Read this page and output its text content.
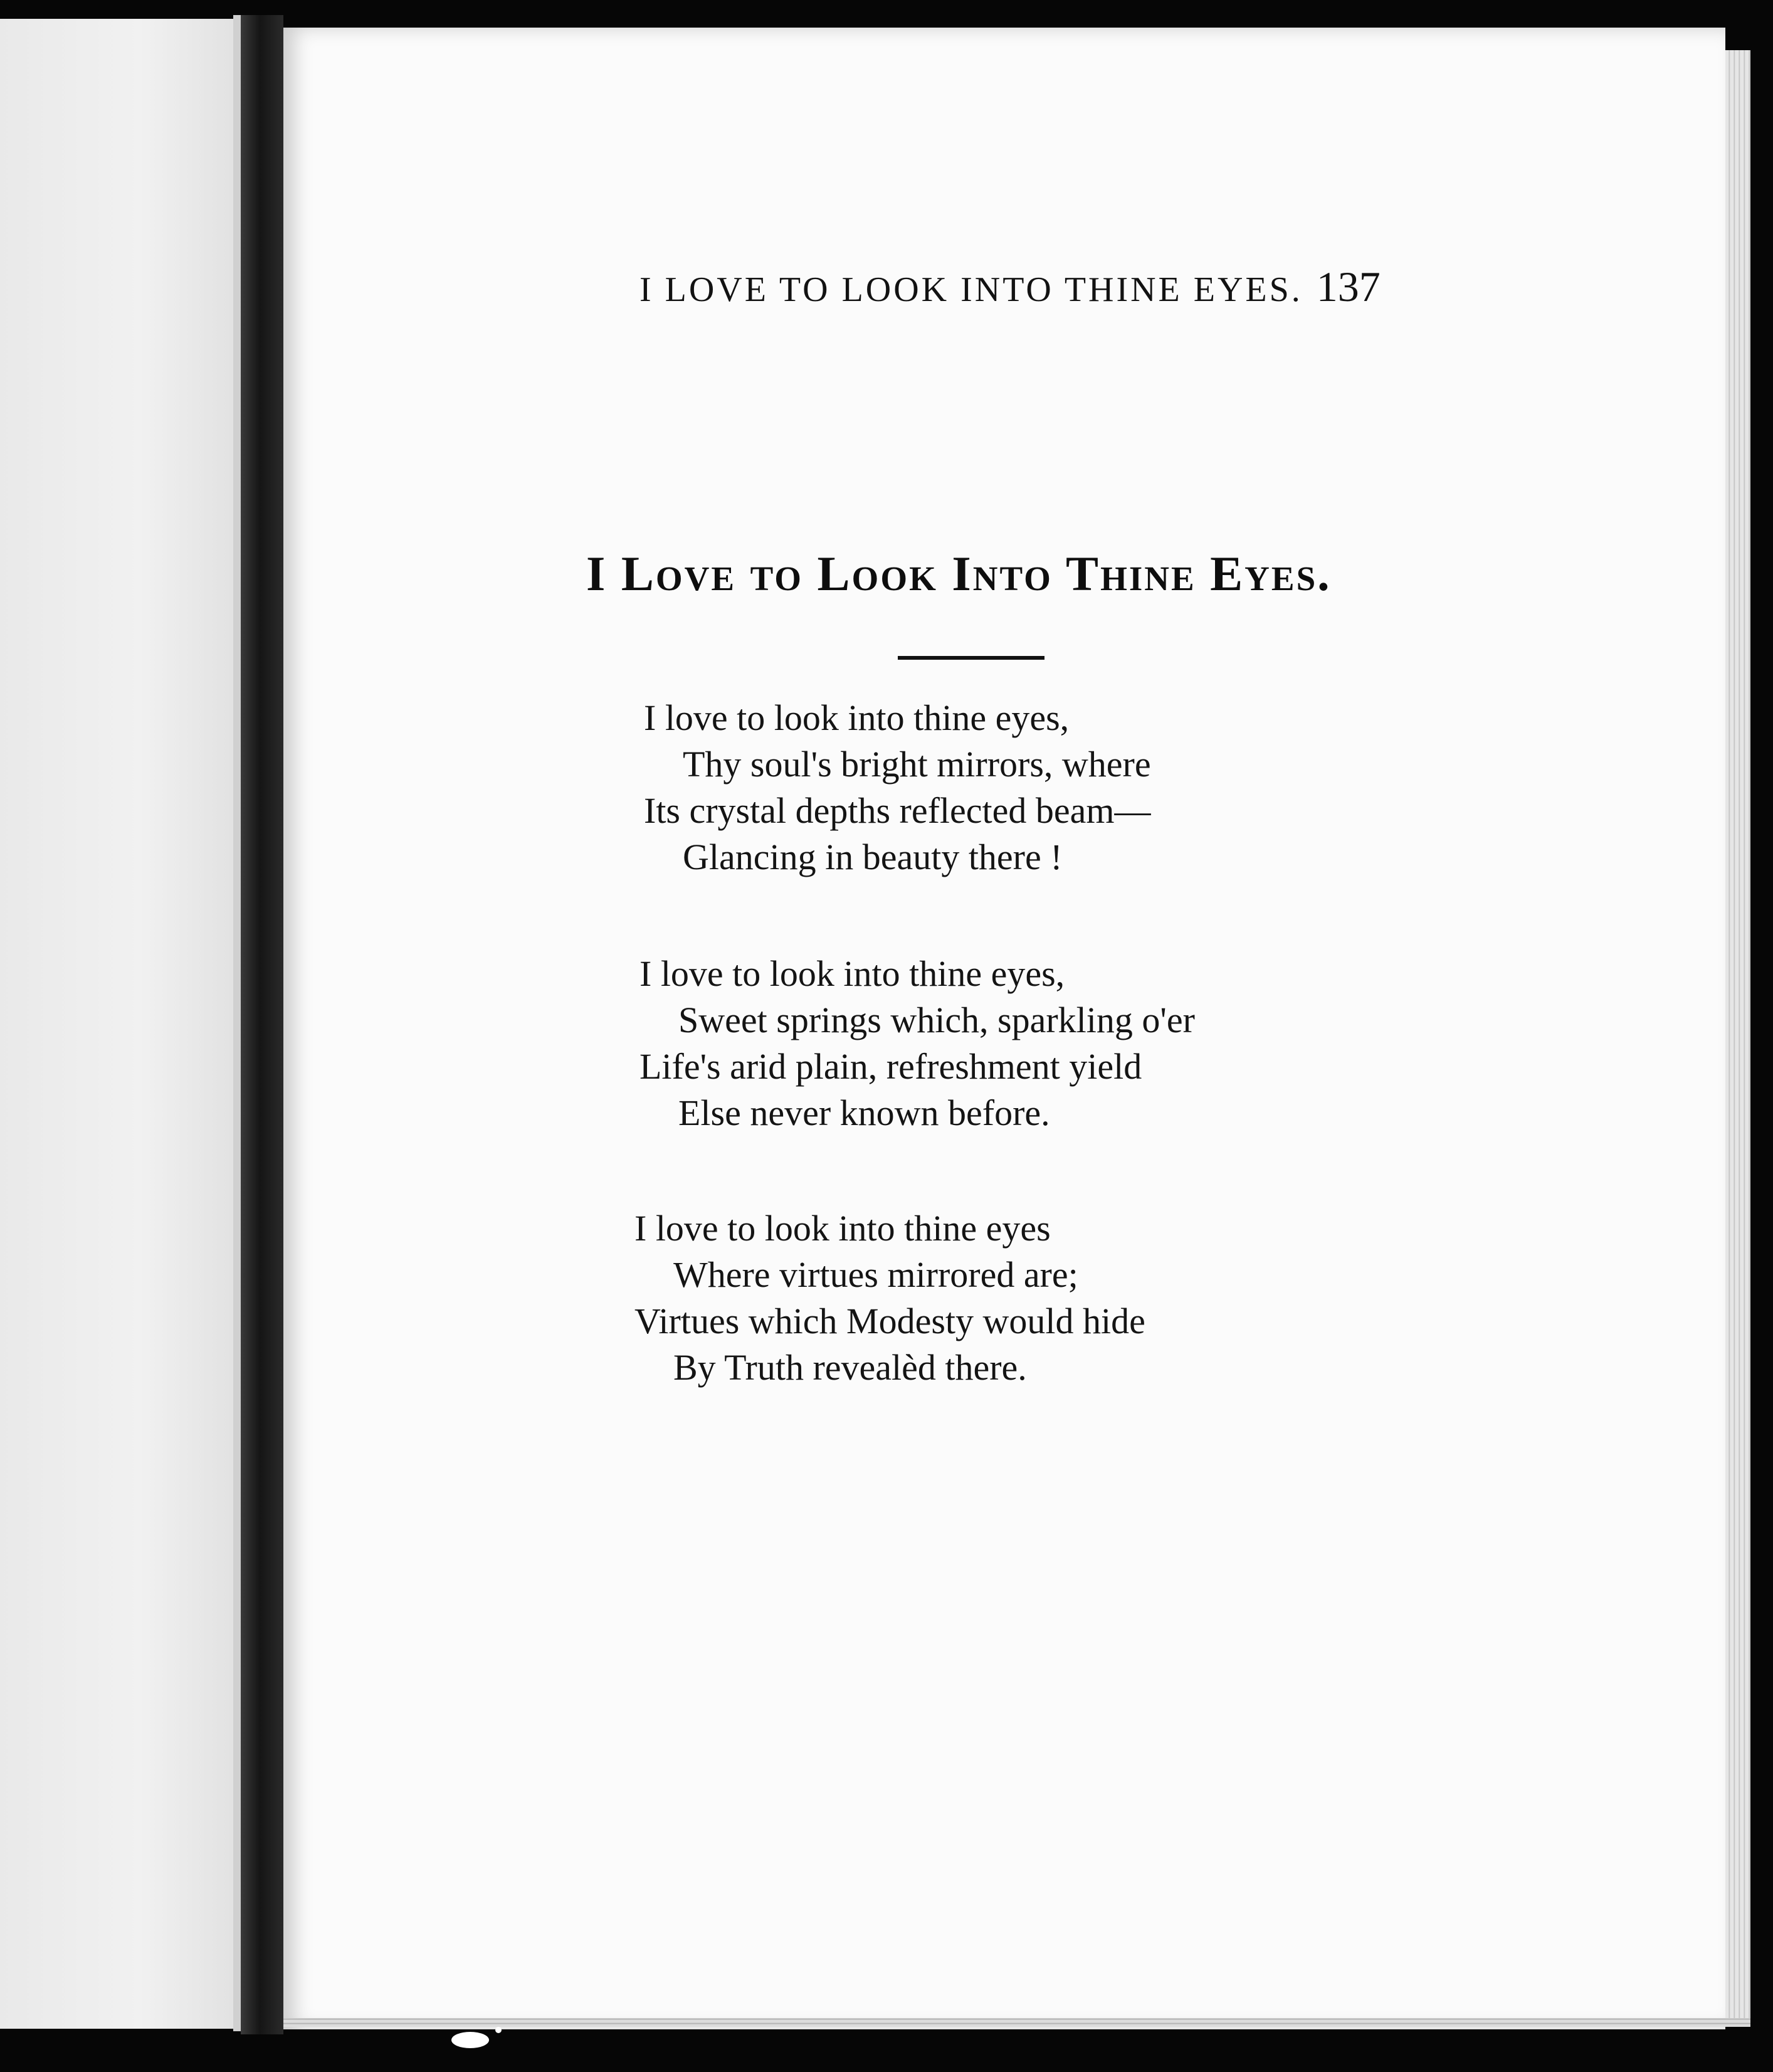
I LOVE TO LOOK INTO THINE EYES. 137

I Love to Look Into Thine Eyes.
I love to look into thine eyes,
Thy soul's bright mirrors, where
Its crystal depths reflected beam—
Glancing in beauty there !
I love to look into thine eyes,
Sweet springs which, sparkling o'er
Life's arid plain, refreshment yield
Else never known before.
I love to look into thine eyes
Where virtues mirrored are;
Virtues which Modesty would hide
By Truth revealèd there.
